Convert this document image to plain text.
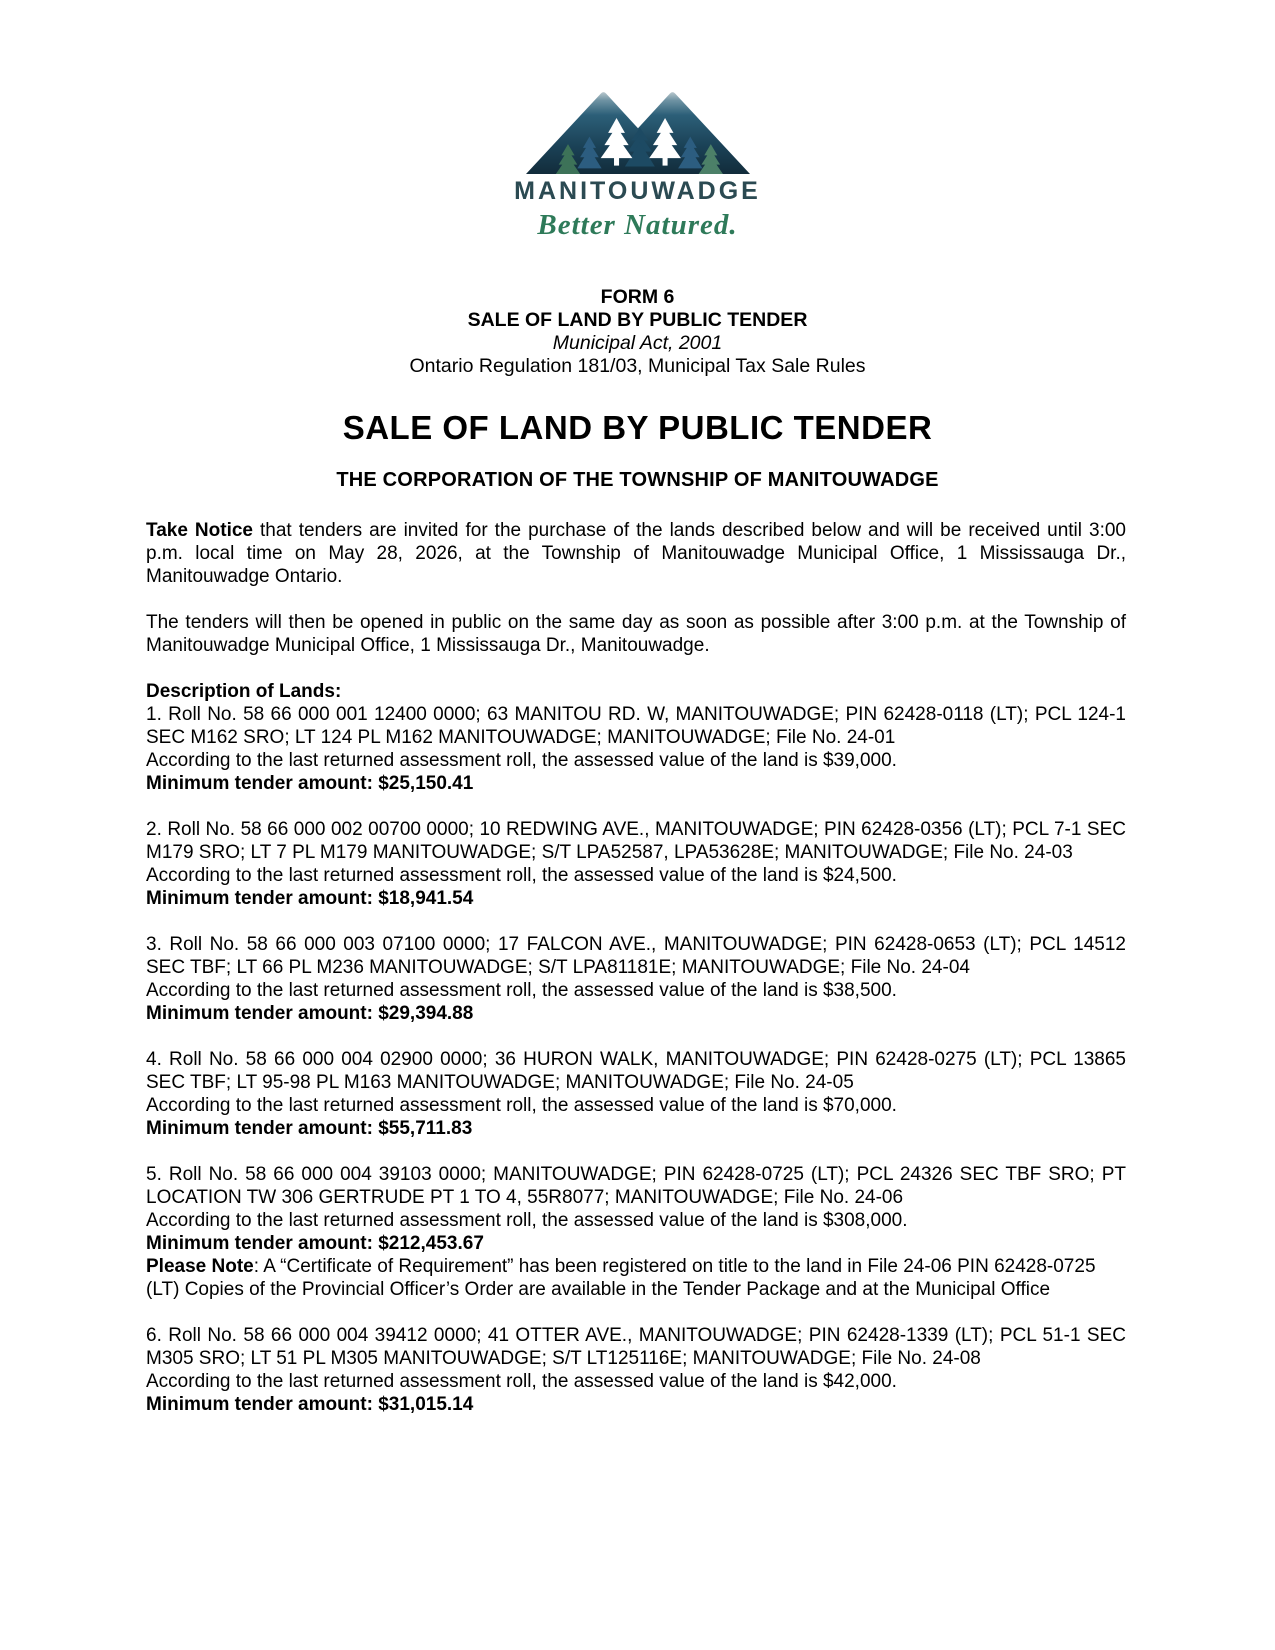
MANITOUWADGE
Better Natured.
FORM 6
SALE OF LAND BY PUBLIC TENDER
Municipal Act, 2001
Ontario Regulation 181/03, Municipal Tax Sale Rules
SALE OF LAND BY PUBLIC TENDER
THE CORPORATION OF THE TOWNSHIP OF MANITOUWADGE

Take Notice that tenders are invited for the purchase of the lands described below and will be received until 3:00 p.m. local time on May 28, 2026, at the Township of Manitouwadge Municipal Office, 1 Mississauga Dr., Manitouwadge Ontario.

The tenders will then be opened in public on the same day as soon as possible after 3:00 p.m. at the Township of Manitouwadge Municipal Office, 1 Mississauga Dr., Manitouwadge.

Description of Lands:

1. Roll No. 58 66 000 001 12400 0000; 63 MANITOU RD. W, MANITOUWADGE; PIN 62428-0118 (LT); PCL 124-1 SEC M162 SRO; LT 124 PL M162 MANITOUWADGE; MANITOUWADGE; File No. 24-01

According to the last returned assessment roll, the assessed value of the land is $39,000.

Minimum tender amount: $25,150.41

2. Roll No. 58 66 000 002 00700 0000; 10 REDWING AVE., MANITOUWADGE; PIN 62428-0356 (LT); PCL 7-1 SEC M179 SRO; LT 7 PL M179 MANITOUWADGE; S/T LPA52587, LPA53628E; MANITOUWADGE; File No. 24-03

According to the last returned assessment roll, the assessed value of the land is $24,500.

Minimum tender amount: $18,941.54

3. Roll No. 58 66 000 003 07100 0000; 17 FALCON AVE., MANITOUWADGE; PIN 62428-0653 (LT); PCL 14512 SEC TBF; LT 66 PL M236 MANITOUWADGE; S/T LPA81181E; MANITOUWADGE; File No. 24-04

According to the last returned assessment roll, the assessed value of the land is $38,500.

Minimum tender amount: $29,394.88

4. Roll No. 58 66 000 004 02900 0000; 36 HURON WALK, MANITOUWADGE; PIN 62428-0275 (LT); PCL 13865 SEC TBF; LT 95-98 PL M163 MANITOUWADGE; MANITOUWADGE; File No. 24-05

According to the last returned assessment roll, the assessed value of the land is $70,000.

Minimum tender amount: $55,711.83

5. Roll No. 58 66 000 004 39103 0000; MANITOUWADGE; PIN 62428-0725 (LT); PCL 24326 SEC TBF SRO; PT LOCATION TW 306 GERTRUDE PT 1 TO 4, 55R8077; MANITOUWADGE; File No. 24-06

According to the last returned assessment roll, the assessed value of the land is $308,000.

Minimum tender amount: $212,453.67

Please Note: A “Certificate of Requirement” has been registered on title to the land in File 24-06 PIN 62428-0725 (LT) Copies of the Provincial Officer’s Order are available in the Tender Package and at the Municipal Office

6. Roll No. 58 66 000 004 39412 0000; 41 OTTER AVE., MANITOUWADGE; PIN 62428-1339 (LT); PCL 51-1 SEC M305 SRO; LT 51 PL M305 MANITOUWADGE; S/T LT125116E; MANITOUWADGE; File No. 24-08

According to the last returned assessment roll, the assessed value of the land is $42,000.

Minimum tender amount: $31,015.14
